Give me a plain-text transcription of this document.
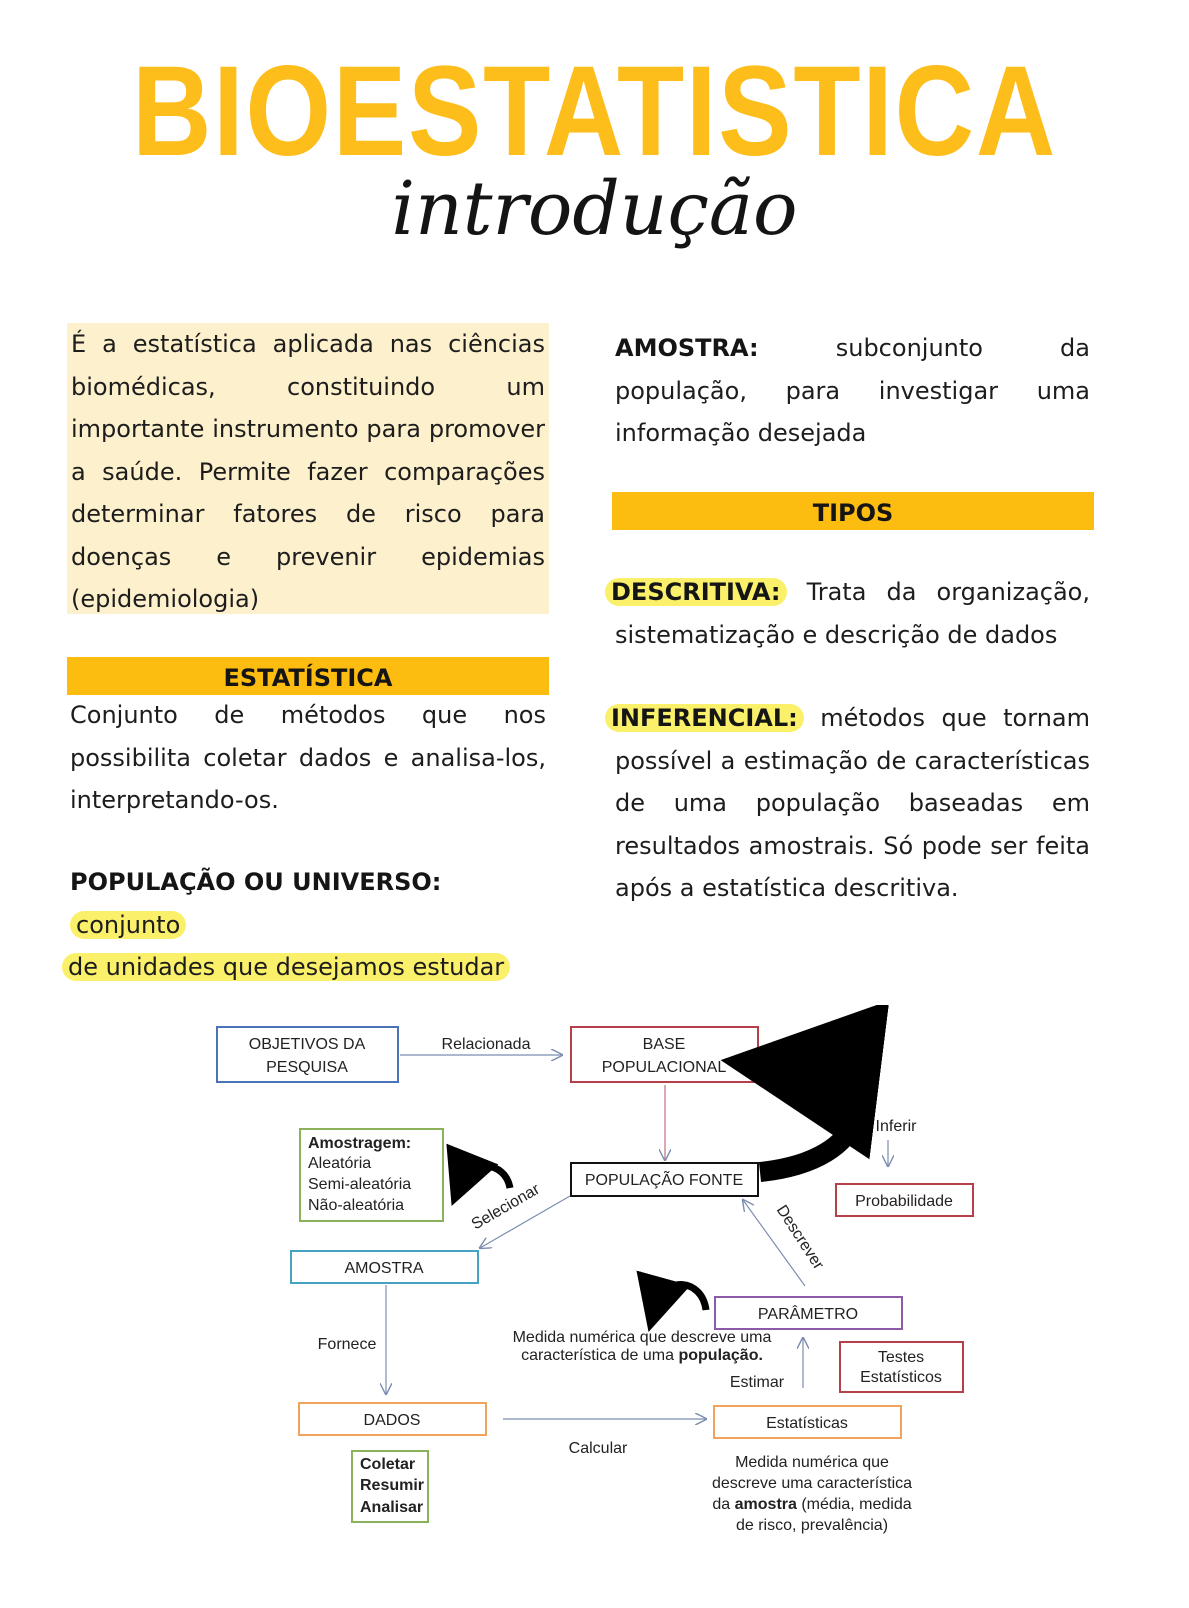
BIOESTATISTICA
introdução
É a estatística aplicada nas ciências biomédicas, constituindo um importante instrumento para promover a saúde. Permite fazer comparações determinar fatores de risco para doenças e prevenir epidemias (epidemiologia)
ESTATÍSTICA
Conjunto de métodos que nos possibilita coletar dados e analisa-los, interpretando-os.
POPULAÇÃO OU UNIVERSO: conjunto
de unidades que desejamos estudar
AMOSTRA:	subconjunto da população, para investigar uma informação desejada
TIPOS
DESCRITIVA: Trata da organização, sistematização e descrição de dados
INFERENCIAL: métodos que tornam possível a estimação de características de uma população baseadas em resultados amostrais. Só pode ser feita após a estatística descritiva.
OBJETIVOS DA
PESQUISA
Relacionada	BASE
POPULACIONAL
Inferir
Probabilidade
Amostragem:
Aleatória
Semi-aleatória
Não-aleatória
POPULAÇÃO FONTE
Selecionar	Descrever
AMOSTRA
PARÂMETRO
Medida numérica que descreve uma
característica de uma população.
Fornece
Estimar
Testes
Estatísticos
DADOS
Calcular
Estatísticas
Coletar
Resumir
Analisar
Medida numérica que
descreve uma característica
da amostra (média, medida
de risco, prevalência)
